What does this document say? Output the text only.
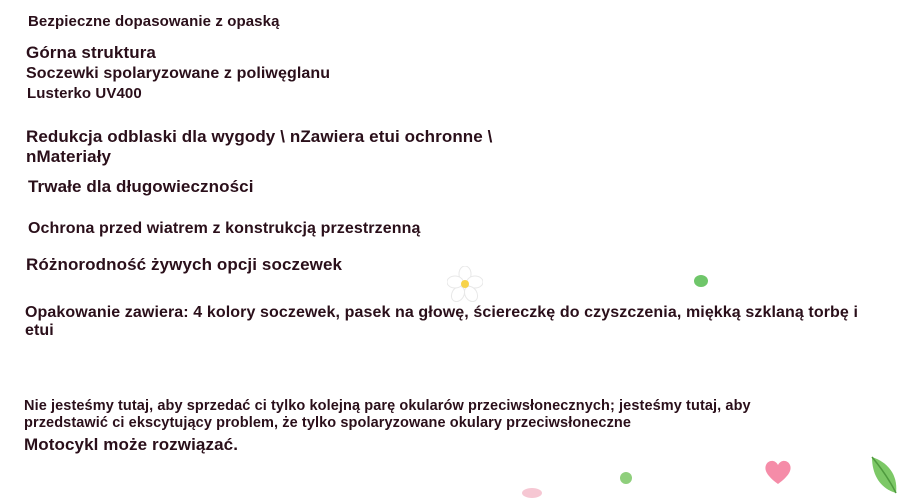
Bezpieczne dopasowanie z opaską

Górna struktura

Soczewki spolaryzowane z poliwęglanu

Lusterko UV400

Redukcja odblaski dla wygody \ nZawiera etui ochronne \ nMateriały

Trwałe dla długowieczności

Ochrona przed wiatrem z konstrukcją przestrzenną

Różnorodność żywych opcji soczewek

Opakowanie zawiera: 4 kolory soczewek, pasek na głowę, ściereczkę do czyszczenia, miękką szklaną torbę i etui

Nie jesteśmy tutaj, aby sprzedać ci tylko kolejną parę okularów przeciwsłonecznych; jesteśmy tutaj, aby przedstawić ci ekscytujący problem, że tylko spolaryzowane okulary przeciwsłoneczne

Motocykl może rozwiązać.
